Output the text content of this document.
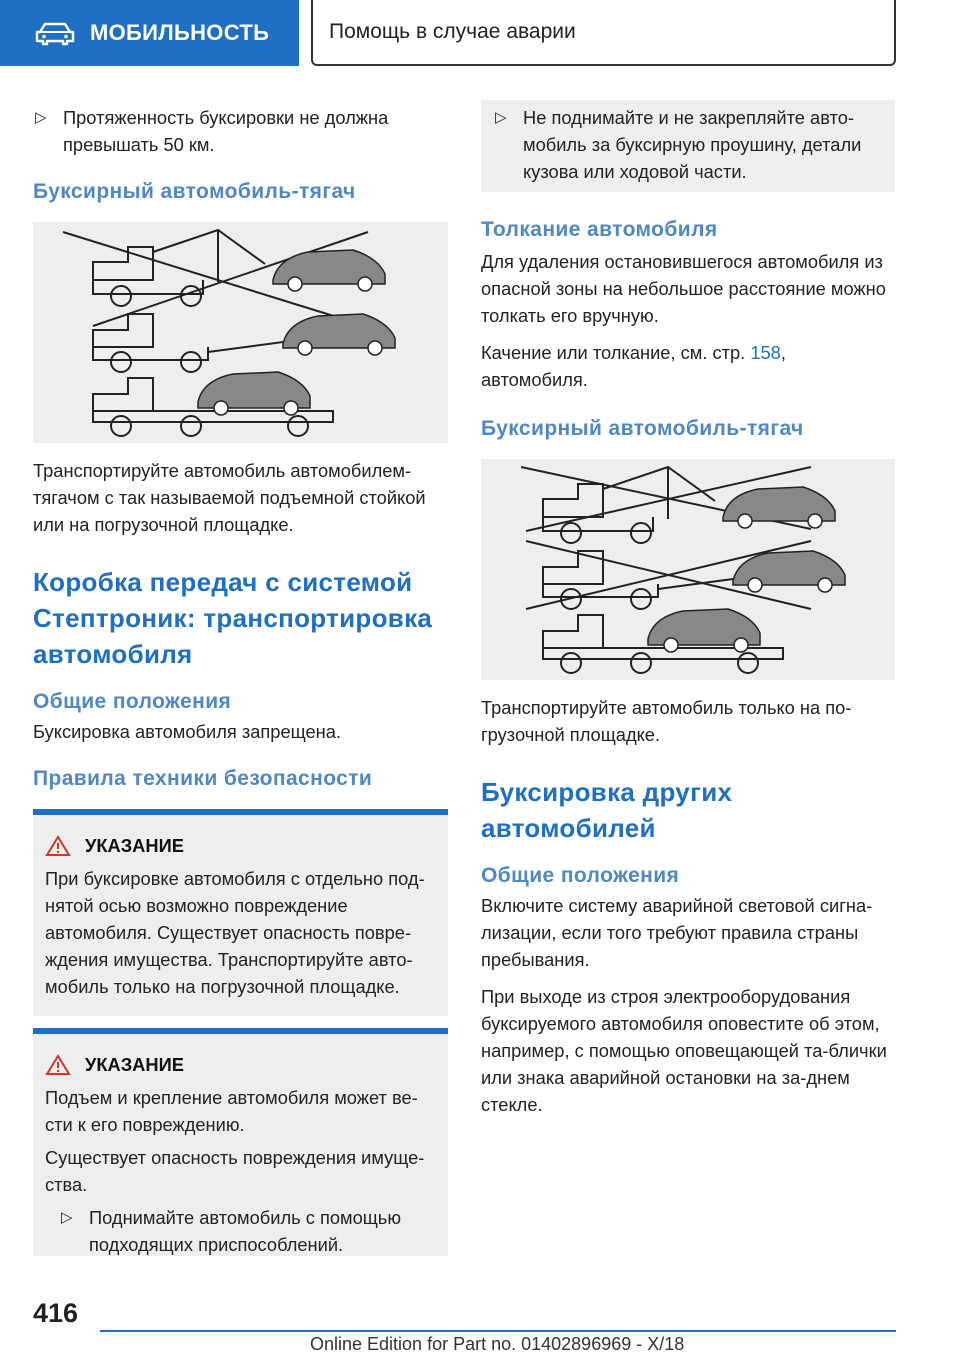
МОБИЛЬНОСТЬ	Помощь в случае аварии
▷ Протяженность буксировки не должна превышать 50 км.
Буксирный автомобиль-тягач

Транспортируйте автомобиль автомобилем-тягачом с так называемой подъемной стойкой или на погрузочной площадке.

Коробка передач с системой Стептроник: транспортировка автомобиля
Общие положения

Буксировка автомобиля запрещена.

Правила техники безопасности
УКАЗАНИЕ

При буксировке автомобиля с отдельно под-нятой осью возможно повреждение автомобиля. Существует опасность повре-ждения имущества. Транспортируйте авто-мобиль только на погрузочной площадке.

УКАЗАНИЕ

Подъем и крепление автомобиля может ве-сти к его повреждению.

Существует опасность повреждения имуще-ства.

▷ Поднимайте автомобиль с помощью подходящих приспособлений.
▷ Не поднимайте и не закрепляйте авто-мобиль за буксирную проушину, детали кузова или ходовой части.
Толкание автомобиля

Для удаления остановившегося автомобиля из опасной зоны на небольшое расстояние можно толкать его вручную.

Качение или толкание, см. стр. 158,
автомобиля.

Буксирный автомобиль-тягач

Транспортируйте автомобиль только на по-грузочной площадке.

Буксировка других автомобилей
Общие положения

Включите систему аварийной световой сигна-лизации, если того требуют правила страны пребывания.

При выходе из строя электрооборудования буксируемого автомобиля оповестите об этом, например, с помощью оповещающей та-блички или знака аварийной остановки на за-днем стекле.

416
Online Edition for Part no. 01402896969 - X/18
